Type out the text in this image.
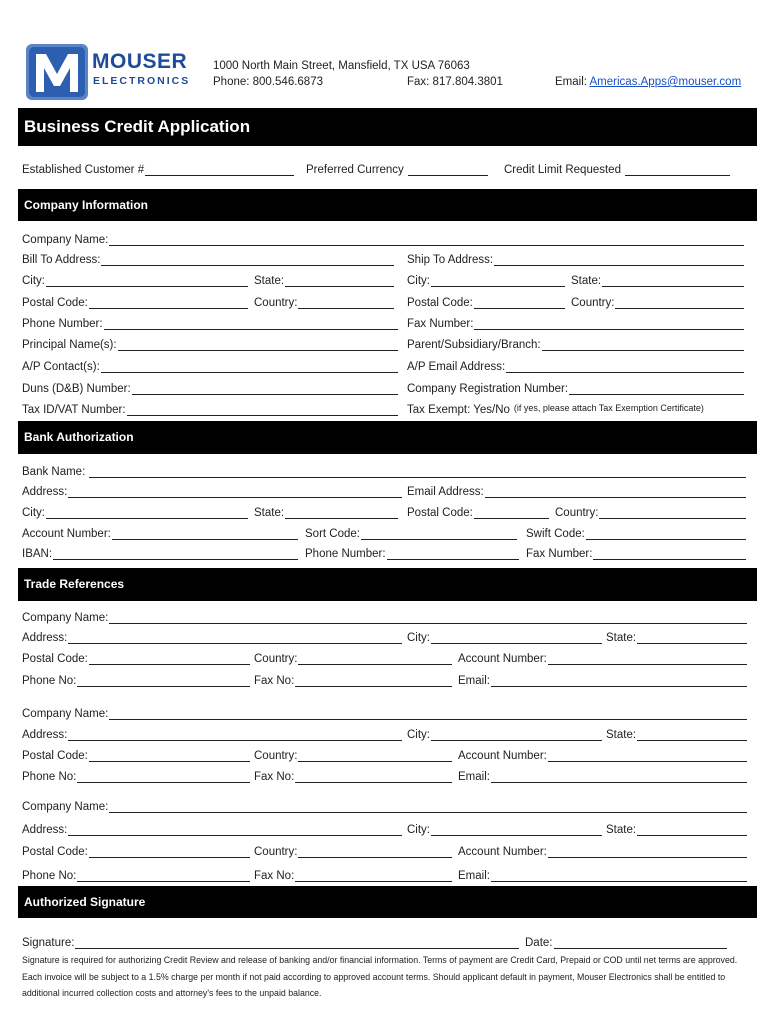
MOUSER
ELECTRONICS
1000 North Main Street, Mansfield, TX USA 76063
Phone: 800.546.6873	Fax: 817.804.3801	Email: Americas.Apps@mouser.com
Business Credit Application
Established Customer #	Preferred Currency	Credit Limit Requested
Company Information
Company Name:
Bill To Address:	Ship To Address:
City:	State:	City:	State:
Postal Code:	Country:	Postal Code:	Country:
Phone Number:	Fax Number:
Principal Name(s):	Parent/Subsidiary/Branch:
A/P Contact(s):	A/P Email Address:
Duns (D&B) Number:	Company Registration Number:
Tax ID/VAT Number:	Tax Exempt: Yes/No (if yes, please attach Tax Exemption Certificate)
Bank Authorization
Bank Name:
Address:	Email Address:
City:	State:	Postal Code:	Country:
Account Number:	Sort Code:	Swift Code:
IBAN:	Phone Number:	Fax Number:
Trade References
Company Name:
Address:	City:	State:
Postal Code:	Country:	Account Number:
Phone No:	Fax No:	Email:
Company Name:
Address:	City:	State:
Postal Code:	Country:	Account Number:
Phone No:	Fax No:	Email:
Company Name:
Address:	City:	State:
Postal Code:	Country:	Account Number:
Phone No:	Fax No:	Email:
Authorized Signature
Signature:	Date:
Signature is required for authorizing Credit Review and release of banking and/or financial information. Terms of payment are Credit Card, Prepaid or COD until net terms are approved. Each invoice will be subject to a 1.5% charge per month if not paid according to approved account terms. Should applicant default in payment, Mouser Electronics shall be entitled to additional incurred collection costs and attorney's fees to the unpaid balance.
